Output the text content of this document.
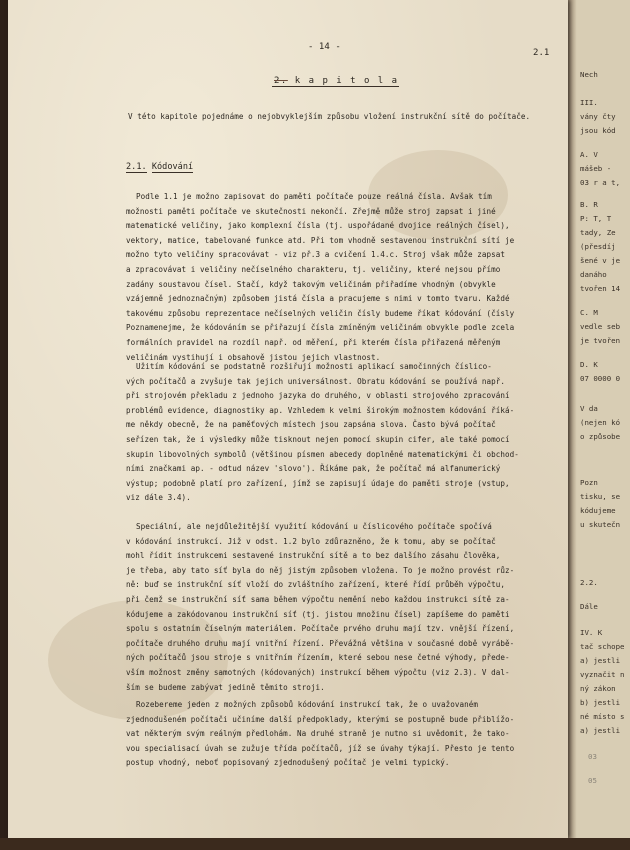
Nech
III.
vány čty
jsou kód
A. V
mášeb -
03 r a t,
B. R
P: T, T
tady, Ze
(přesdíj
šené v je
danáho
tvořen 14
C. M
vedle seb
je tvořen
D. K
07 0000 0
V da
(nejen kó
o způsobe
Pozn
tisku, se
kódujeme
u skutečn
2.2.
Dále
IV. K
tač schope
a) jestli
vyznačit n
ný zákon
b) jestli
né místo s
a) jestli
03
05
- 14 -
2.1
2. k a p i t o l a
V této kapitole pojednáme o nejobvyklejším způsobu vložení instrukční sítě do počítače.
2.1. Kódování
Podle 1.1 je možno zapisovat do paměti počítače pouze reálná čísla. Avšak tím
možnosti paměti počítače ve skutečnosti nekončí. Zřejmě může stroj zapsat i jiné
matematické veličiny, jako komplexní čísla (tj. uspořádané dvojice reálných čísel),
vektory, matice, tabelované funkce atd. Při tom vhodně sestavenou instrukční sítí je
možno tyto veličiny spracovávat - viz př.3 a cvičení 1.4.c. Stroj však může zapsat
a zpracovávat i veličiny nečíselného charakteru, tj. veličiny, které nejsou přímo
zadány soustavou čísel. Stačí, když takovým veličinám přiřadíme vhodným (obvykle
vzájemně jednoznačným) způsobem jistá čísla a pracujeme s nimi v tomto tvaru. Každé
takovému způsobu reprezentace nečíselných veličin čísly budeme říkat kódování (čísly
Poznamenejme, že kódováním se přiřazují čísla zmíněným veličinám obvykle podle zcela
formálních pravidel na rozdíl např. od měření, při kterém čísla přiřazená měřeným
veličinám vystihují i obsahově jistou jejich vlastnost.
Užitím kódování se podstatně rozšiřují možnosti aplikací samočinných číslico-
vých počítačů a zvyšuje tak jejich universálnost. Obratu kódování se používá např.
při strojovém překladu z jednoho jazyka do druhého, v oblasti strojového zpracování
problémů evidence, diagnostiky ap. Vzhledem k velmi širokým možnostem kódování říká-
me někdy obecně, že na paměťových místech jsou zapsána slova. Často bývá počítač
seřízen tak, že i výsledky může tisknout nejen pomocí skupin cifer, ale také pomocí
skupin libovolných symbolů (většinou písmen abecedy doplněné matematickými či obchod-
ními značkami ap. - odtud název 'slovo'). Říkáme pak, že počítač má alfanumerický
výstup; podobně platí pro zařízení, jímž se zapisují údaje do paměti stroje (vstup,
viz dále 3.4).
Speciální, ale nejdůležitější využití kódování u číslicového počítače spočívá
v kódování instrukcí. Již v odst. 1.2 bylo zdůrazněno, že k tomu, aby se počítač
mohl řídit instrukcemi sestavené instrukční sítě a to bez dalšího zásahu člověka,
je třeba, aby tato síť byla do něj jistým způsobem vložena. To je možno provést růz-
ně: buď se instrukční síť vloží do zvláštního zařízení, které řídí průběh výpočtu,
při čemž se instrukční síť sama během výpočtu nemění nebo každou instrukci sítě za-
kódujeme a zakódovanou instrukční síť (tj. jistou množinu čísel) zapíšeme do paměti
spolu s ostatním číselným materiálem. Počítače prvého druhu mají tzv. vnější řízení,
počítače druhého druhu mají vnitřní řízení. Převážná většina v současné době vyrábě-
ných počítačů jsou stroje s vnitřním řízením, které sebou nese četné výhody, přede-
vším možnost změny samotných (kódovaných) instrukcí během výpočtu (viz 2.3). V dal-
ším se budeme zabývat jedině těmito stroji.
Rozebereme jeden z možných způsobů kódování instrukcí tak, že o uvažovaném
zjednodušeném počítači učiníme další předpoklady, kterými se postupně bude přiblížo-
vat některým svým reálným předlohám. Na druhé straně je nutno si uvědomit, že tako-
vou specialisací úvah se zužuje třída počítačů, jíž se úvahy týkají. Přesto je tento
postup vhodný, neboť popisovaný zjednodušený počítač je velmi typický.
